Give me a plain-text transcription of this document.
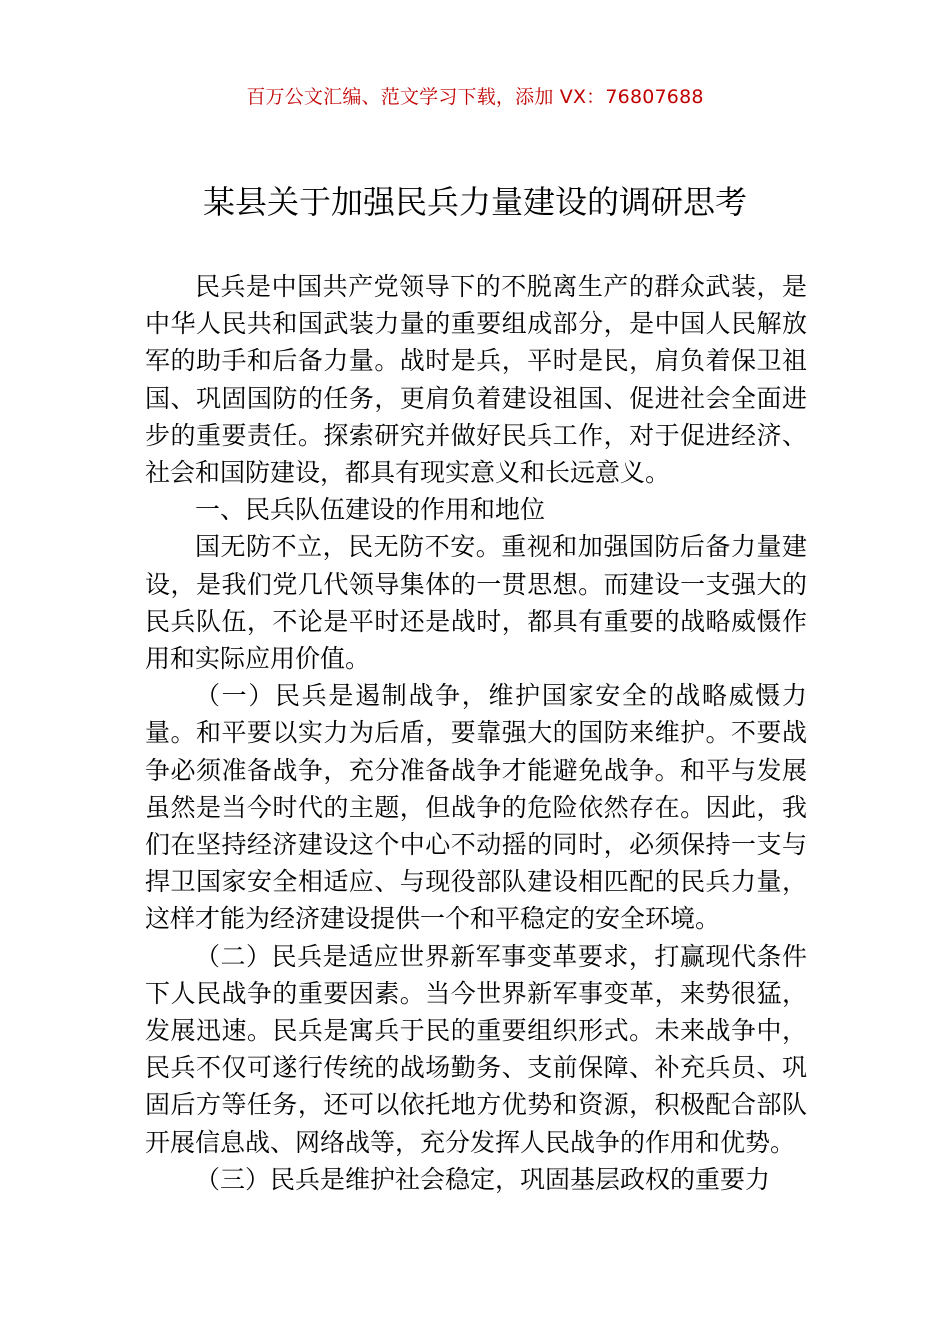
百万公文汇编、范文学习下载，添加 VX：76807688
某县关于加强民兵力量建设的调研思考

民兵是中国共产党领导下的不脱离生产的群众武装，是中华人民共和国武装力量的重要组成部分，是中国人民解放军的助手和后备力量。战时是兵，平时是民，肩负着保卫祖国、巩固国防的任务，更肩负着建设祖国、促进社会全面进步的重要责任。探索研究并做好民兵工作，对于促进经济、社会和国防建设，都具有现实意义和长远意义。

一、民兵队伍建设的作用和地位

国无防不立，民无防不安。重视和加强国防后备力量建设，是我们党几代领导集体的一贯思想。而建设一支强大的民兵队伍，不论是平时还是战时，都具有重要的战略威慑作用和实际应用价值。

（一）民兵是遏制战争，维护国家安全的战略威慑力量。和平要以实力为后盾，要靠强大的国防来维护。不要战争必须准备战争，充分准备战争才能避免战争。和平与发展虽然是当今时代的主题，但战争的危险依然存在。因此，我们在坚持经济建设这个中心不动摇的同时，必须保持一支与捍卫国家安全相适应、与现役部队建设相匹配的民兵力量，这样才能为经济建设提供一个和平稳定的安全环境。

（二）民兵是适应世界新军事变革要求，打赢现代条件下人民战争的重要因素。当今世界新军事变革，来势很猛，发展迅速。民兵是寓兵于民的重要组织形式。未来战争中，民兵不仅可遂行传统的战场勤务、支前保障、补充兵员、巩固后方等任务，还可以依托地方优势和资源，积极配合部队开展信息战、网络战等，充分发挥人民战争的作用和优势。

（三）民兵是维护社会稳定，巩固基层政权的重要力
